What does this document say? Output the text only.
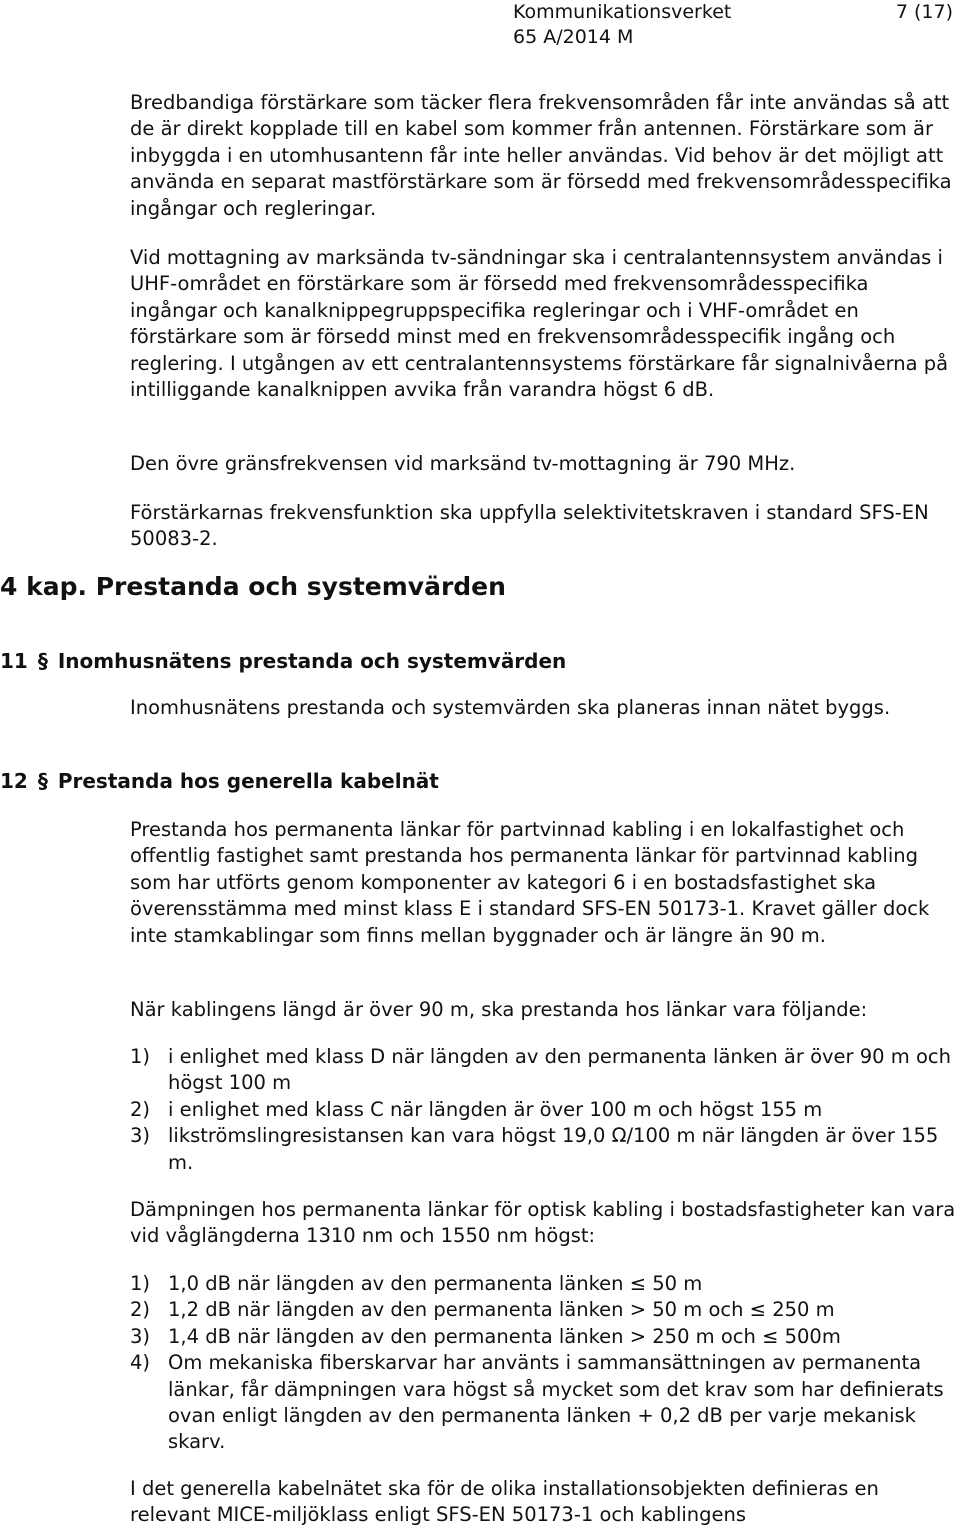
Kommunikationsverket	7 (17)
65 A/2014 M

Bredbandiga förstärkare som täcker flera frekvensområden får inte användas så att de är direkt kopplade till en kabel som kommer från antennen. Förstärkare som är inbyggda i en utomhusantenn får inte heller användas. Vid behov är det möjligt att använda en separat mastförstärkare som är försedd med frekvensområdesspecifika ingångar och regleringar.

Vid mottagning av marksända tv-sändningar ska i centralantennsystem användas i UHF-området en förstärkare som är försedd med frekvensområdesspecifika ingångar och kanalknippegruppspecifika regleringar och i VHF-området en förstärkare som är försedd minst med en frekvensområdesspecifik ingång och reglering. I utgången av ett centralantennsystems förstärkare får signalnivåerna på intilliggande kanalknippen avvika från varandra högst 6 dB.

Den övre gränsfrekvensen vid marksänd tv-mottagning är 790 MHz.

Förstärkarnas frekvensfunktion ska uppfylla selektivitetskraven i standard SFS-EN 50083-2.

4 kap. Prestanda och systemvärden
11 § Inomhusnätens prestanda och systemvärden

Inomhusnätens prestanda och systemvärden ska planeras innan nätet byggs.

12 § Prestanda hos generella kabelnät

Prestanda hos permanenta länkar för partvinnad kabling i en lokalfastighet och offentlig fastighet samt prestanda hos permanenta länkar för partvinnad kabling som har utförts genom komponenter av kategori 6 i en bostadsfastighet ska överensstämma med minst klass E i standard SFS-EN 50173-1. Kravet gäller dock inte stamkablingar som finns mellan byggnader och är längre än 90 m.

När kablingens längd är över 90 m, ska prestanda hos länkar vara följande:

1) i enlighet med klass D när längden av den permanenta länken är över 90 m och högst 100 m
2) i enlighet med klass C när längden är över 100 m och högst 155 m
3) likströmslingresistansen kan vara högst 19,0 Ω/100 m när längden är över 155 m.

Dämpningen hos permanenta länkar för optisk kabling i bostadsfastigheter kan vara vid våglängderna 1310 nm och 1550 nm högst:

1) 1,0 dB när längden av den permanenta länken ≤ 50 m
2) 1,2 dB när längden av den permanenta länken > 50 m och ≤ 250 m
3) 1,4 dB när längden av den permanenta länken > 250 m och ≤ 500m
4) Om mekaniska fiberskarvar har använts i sammansättningen av permanenta länkar, får dämpningen vara högst så mycket som det krav som har definierats ovan enligt längden av den permanenta länken + 0,2 dB per varje mekanisk skarv.

I det generella kabelnätet ska för de olika installationsobjekten definieras en relevant MICE-miljöklass enligt SFS-EN 50173-1 och kablingens
